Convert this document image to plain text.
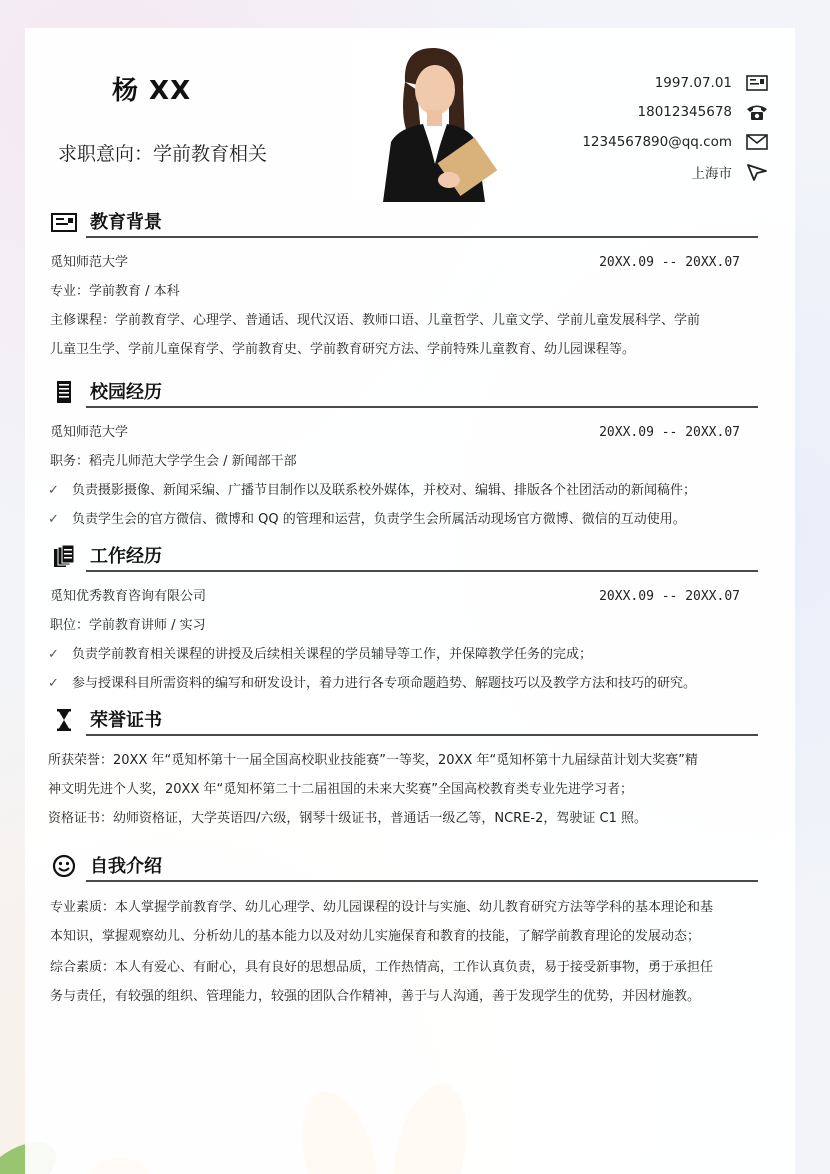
杨 XX
求职意向：学前教育相关
1997.07.01
18012345678
1234567890@qq.com
上海市
教育背景
觅知师范大学	20XX.09 -- 20XX.07
专业：学前教育 / 本科
主修课程：学前教育学、心理学、普通话、现代汉语、教师口语、儿童哲学、儿童文学、学前儿童发展科学、学前
儿童卫生学、学前儿童保育学、学前教育史、学前教育研究方法、学前特殊儿童教育、幼儿园课程等。
校园经历
觅知师范大学	20XX.09 -- 20XX.07
职务：稻壳儿师范大学学生会 / 新闻部干部
✓ 负责摄影摄像、新闻采编、广播节目制作以及联系校外媒体，并校对、编辑、排版各个社团活动的新闻稿件；
✓ 负责学生会的官方微信、微博和 QQ 的管理和运营，负责学生会所属活动现场官方微博、微信的互动使用。
工作经历
觅知优秀教育咨询有限公司	20XX.09 -- 20XX.07
职位：学前教育讲师 / 实习
✓ 负责学前教育相关课程的讲授及后续相关课程的学员辅导等工作，并保障教学任务的完成；
✓ 参与授课科目所需资料的编写和研发设计，着力进行各专项命题趋势、解题技巧以及教学方法和技巧的研究。
荣誉证书
所获荣誉：20XX 年“觅知杯第十一届全国高校职业技能赛”一等奖，20XX 年“觅知杯第十九届绿苗计划大奖赛”精
神文明先进个人奖，20XX 年“觅知杯第二十二届祖国的未来大奖赛”全国高校教育类专业先进学习者；
资格证书：幼师资格证，大学英语四/六级，钢琴十级证书，普通话一级乙等，NCRE-2，驾驶证 C1 照。
自我介绍
专业素质：本人掌握学前教育学、幼儿心理学、幼儿园课程的设计与实施、幼儿教育研究方法等学科的基本理论和基
本知识，掌握观察幼儿、分析幼儿的基本能力以及对幼儿实施保育和教育的技能，了解学前教育理论的发展动态；
综合素质：本人有爱心、有耐心，具有良好的思想品质，工作热情高，工作认真负责，易于接受新事物，勇于承担任
务与责任，有较强的组织、管理能力，较强的团队合作精神，善于与人沟通，善于发现学生的优势，并因材施教。
